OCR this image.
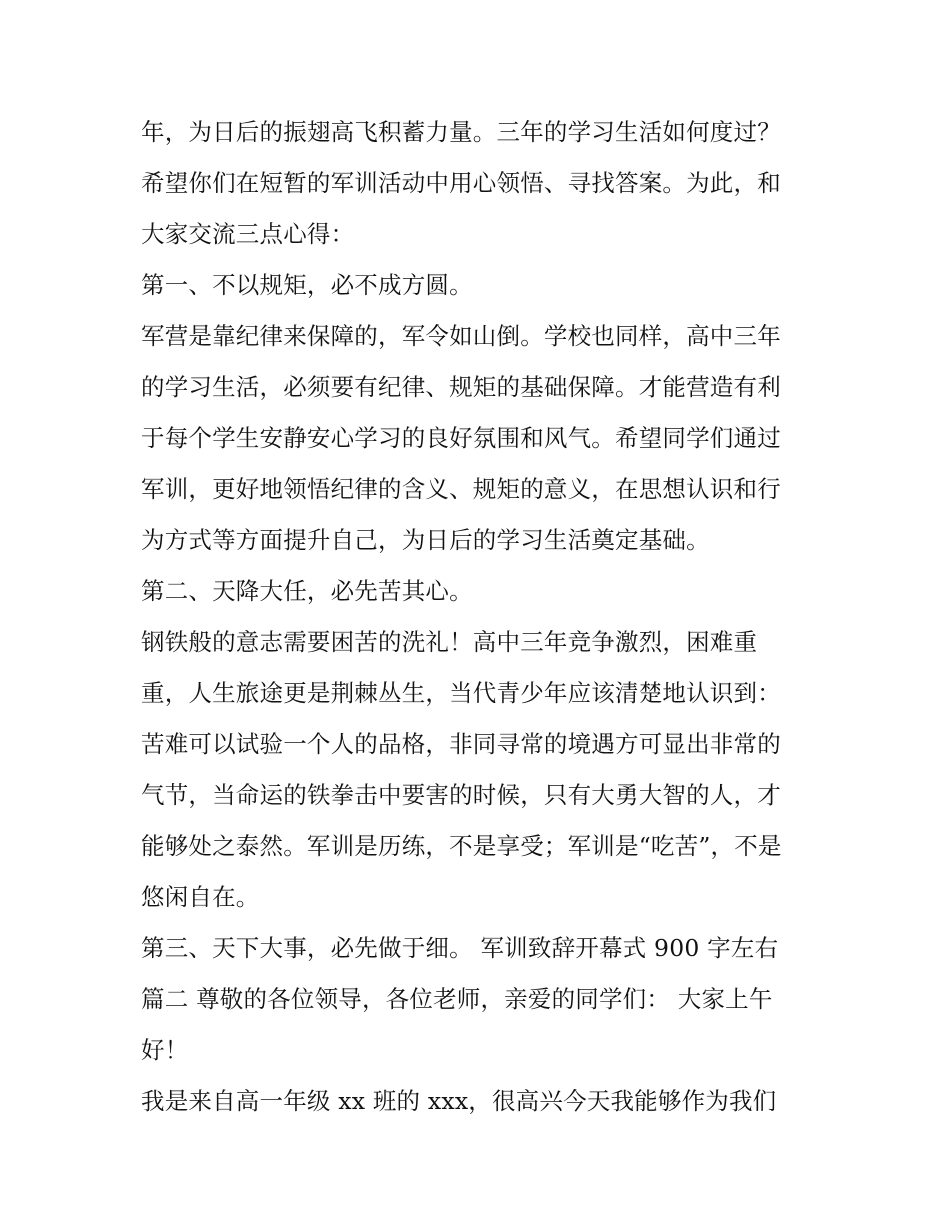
年，为日后的振翅高飞积蓄力量。三年的学习生活如何度过？
希望你们在短暂的军训活动中用心领悟、寻找答案。为此，和
大家交流三点心得：
第一、不以规矩，必不成方圆。
军营是靠纪律来保障的，军令如山倒。学校也同样，高中三年
的学习生活，必须要有纪律、规矩的基础保障。才能营造有利
于每个学生安静安心学习的良好氛围和风气。希望同学们通过
军训，更好地领悟纪律的含义、规矩的意义，在思想认识和行
为方式等方面提升自己，为日后的学习生活奠定基础。
第二、天降大任，必先苦其心。
钢铁般的意志需要困苦的洗礼！高中三年竞争激烈，困难重
重，人生旅途更是荆棘丛生，当代青少年应该清楚地认识到：
苦难可以试验一个人的品格，非同寻常的境遇方可显出非常的
气节，当命运的铁拳击中要害的时候，只有大勇大智的人，才
能够处之泰然。军训是历练，不是享受；军训是“吃苦”，不是
悠闲自在。
第三、天下大事，必先做于细。 军训致辞开幕式 900 字左右
篇二 尊敬的各位领导，各位老师，亲爱的同学们： 大家上午
好！
我是来自高一年级 xx 班的 xxx，很高兴今天我能够作为我们
